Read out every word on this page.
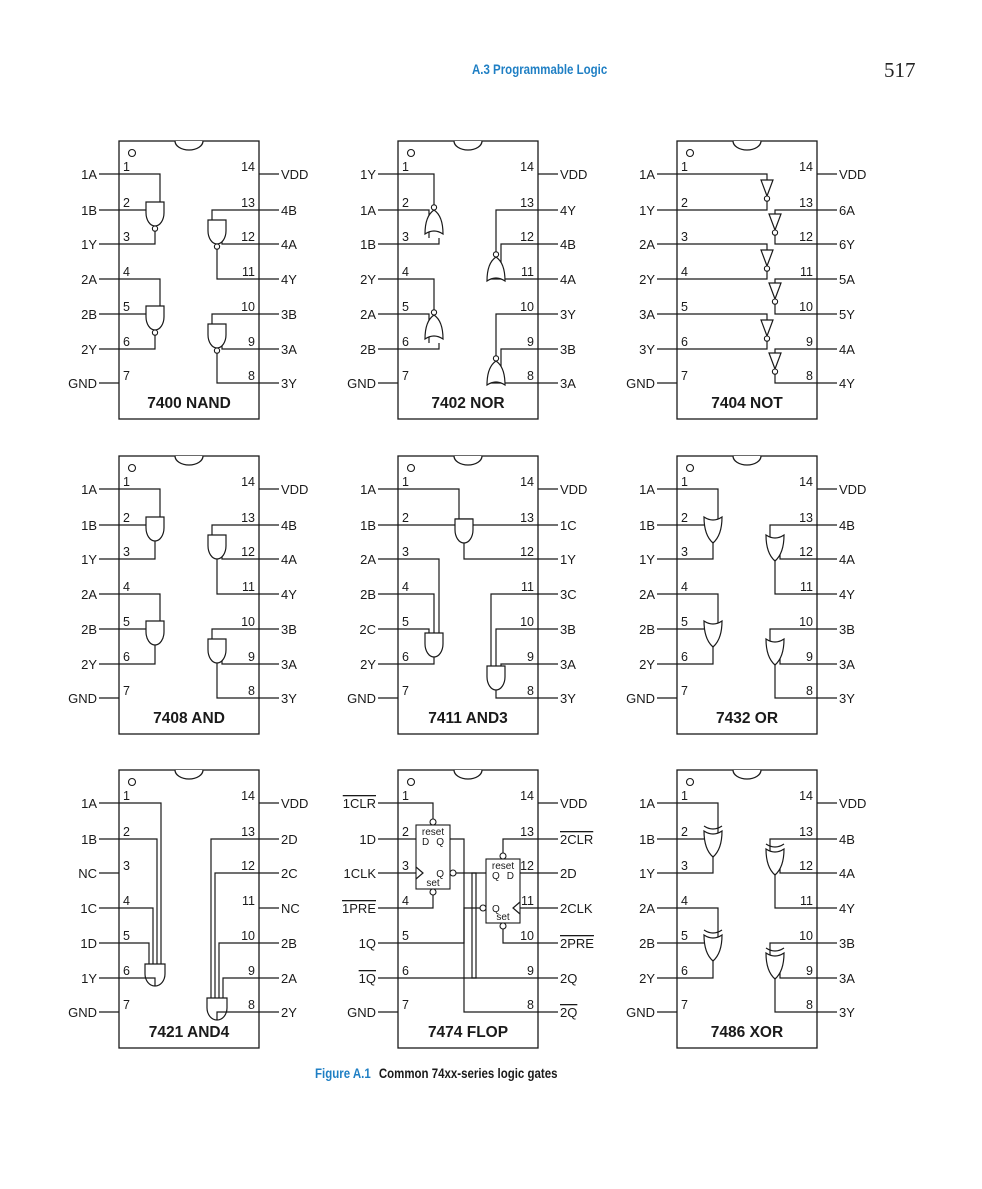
A.3 Programmable Logic	517
7400 NAND
1A 1	VDD
14
1B 2	4B
13
1Y 3	4A
12
2A 4	4Y
11
2B 5	3B
10
2Y 6	3A
9
GND 7	3Y
8
7402 NOR
1Y 1	VDD
14
1A 2	4Y
13
1B 3	4B
12
2Y 4	4A
11
2A 5	3Y
10
2B 6	3B
9
GND 7	3A
8
7404 NOT
1A 1	VDD
14
1Y 2	6A
13
2A 3	6Y
12
2Y 4	5A
11
3A 5	5Y
10
3Y 6	4A
9
GND 7	4Y
8
7408 AND
1A 1	VDD
14
1B 2	4B
13
1Y 3	4A
12
2A 4	4Y
11
2B 5	3B
10
2Y 6	3A
9
GND 7	3Y
8
7411 AND3
1A 1	VDD
14
1B 2	1C
13
2A 3	1Y
12
2B 4	3C
11
2C 5	3B
10
2Y 6	3A
9
GND 7	3Y
8
7432 OR
1A 1	VDD
14
1B 2	4B
13
1Y 3	4A
12
2A 4	4Y
11
2B 5	3B
10
2Y 6	3A
9
GND 7	3Y
8
7421 AND4
1A 1	VDD
14
1B 2	2D
13
NC 3	2C
12
1C 4	NC
11
1D 5	2B
10
1Y 6	2A
9
GND 7	2Y
8
7474 FLOP
1CLR 1	VDD
14
1D 2	2CLR
13
1CLK 3	2D
12
1PRE 4	2CLK
11
1Q 5	2PRE
10
1Q 6	2Q
9
GND 7	2Q
8
reset
D Q
Q
set
reset
Q D
Q
set
7486 XOR
1A 1	VDD
14
1B 2	4B
13
1Y 3	4A
12
2A 4	4Y
11
2B 5	3B
10
2Y 6	3A
9
GND 7	3Y
8
Figure A.1 Common 74xx-series logic gates
